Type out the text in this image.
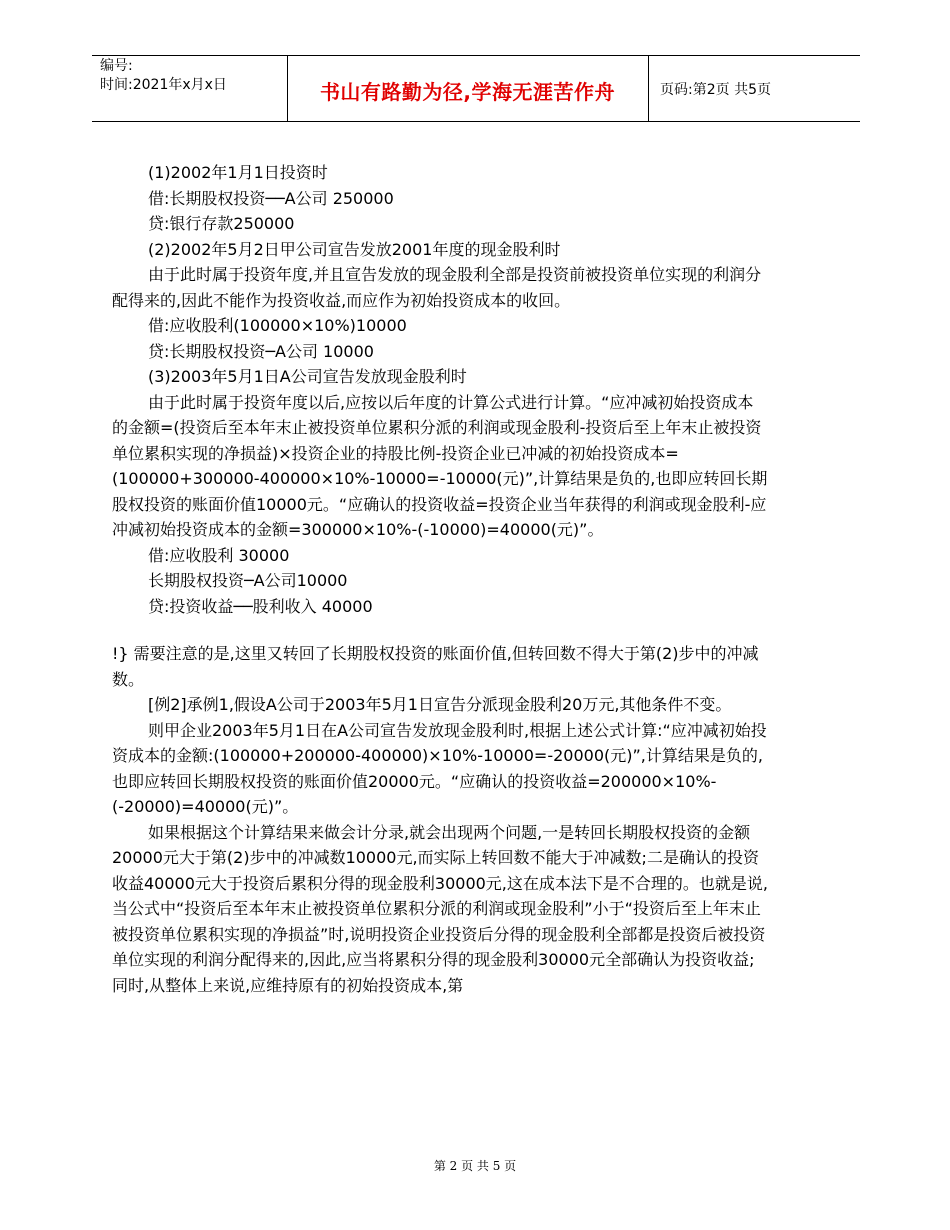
编号:
时间:2021年x月x日	书山有路勤为径,学海无涯苦作舟	页码:第2页 共5页

(1)2002年1月1日投资时

借:长期股权投资──A公司 250000

贷:银行存款250000

(2)2002年5月2日甲公司宣告发放2001年度的现金股利时

由于此时属于投资年度,并且宣告发放的现金股利全部是投资前被投资单位实现的利润分配得来的,因此不能作为投资收益,而应作为初始投资成本的收回。

借:应收股利(100000×10%)10000

贷:长期股权投资─A公司 10000

(3)2003年5月1日A公司宣告发放现金股利时

由于此时属于投资年度以后,应按以后年度的计算公式进行计算。“应冲减初始投资成本的金额=(投资后至本年末止被投资单位累积分派的利润或现金股利-投资后至上年末止被投资单位累积实现的净损益)×投资企业的持股比例-投资企业已冲减的初始投资成本=(100000+300000-400000×10%-10000=-10000(元)”,计算结果是负的,也即应转回长期股权投资的账面价值10000元。“应确认的投资收益=投资企业当年获得的利润或现金股利-应冲减初始投资成本的金额=300000×10%-(-10000)=40000(元)”。

借:应收股利 30000

长期股权投资─A公司10000

贷:投资收益──股利收入 40000

!} 需要注意的是,这里又转回了长期股权投资的账面价值,但转回数不得大于第(2)步中的冲减数。

[例2]承例1,假设A公司于2003年5月1日宣告分派现金股利20万元,其他条件不变。

则甲企业2003年5月1日在A公司宣告发放现金股利时,根据上述公式计算:“应冲减初始投资成本的金额:(100000+200000-400000)×10%-10000=-20000(元)”,计算结果是负的,也即应转回长期股权投资的账面价值20000元。“应确认的投资收益=200000×10%-(-20000)=40000(元)”。

如果根据这个计算结果来做会计分录,就会出现两个问题,一是转回长期股权投资的金额20000元大于第(2)步中的冲减数10000元,而实际上转回数不能大于冲减数;二是确认的投资收益40000元大于投资后累积分得的现金股利30000元,这在成本法下是不合理的。也就是说,当公式中“投资后至本年末止被投资单位累积分派的利润或现金股利”小于“投资后至上年末止被投资单位累积实现的净损益”时,说明投资企业投资后分得的现金股利全部都是投资后被投资单位实现的利润分配得来的,因此,应当将累积分得的现金股利30000元全部确认为投资收益;同时,从整体上来说,应维持原有的初始投资成本,第

第 2 页 共 5 页
